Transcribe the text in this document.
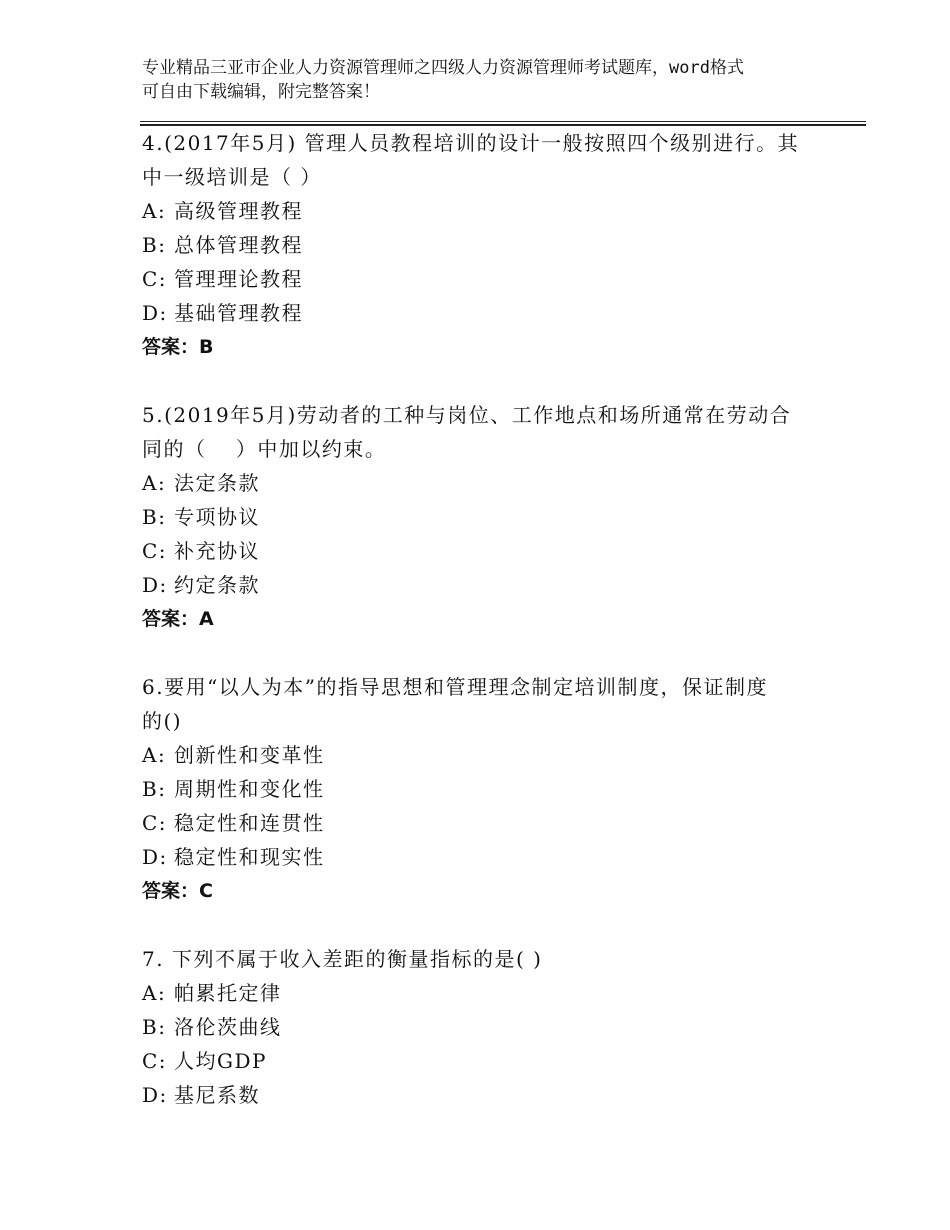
专业精品三亚市企业人力资源管理师之四级人力资源管理师考试题库，word格式
可自由下载编辑，附完整答案！

4.(2017年5月) 管理人员教程培训的设计一般按照四个级别进行。其

中一级培训是（ ）

A: 高级管理教程

B: 总体管理教程

C: 管理理论教程

D: 基础管理教程

答案：B

5.(2019年5月)劳动者的工种与岗位、工作地点和场所通常在劳动合

同的（　 ）中加以约束。

A: 法定条款

B: 专项协议

C: 补充协议

D: 约定条款

答案：A

6.要用“以人为本”的指导思想和管理理念制定培训制度，保证制度

的()

A: 创新性和变革性

B: 周期性和变化性

C: 稳定性和连贯性

D: 稳定性和现实性

答案：C

7. 下列不属于收入差距的衡量指标的是( )

A: 帕累托定律

B: 洛伦茨曲线

C: 人均GDP

D: 基尼系数
